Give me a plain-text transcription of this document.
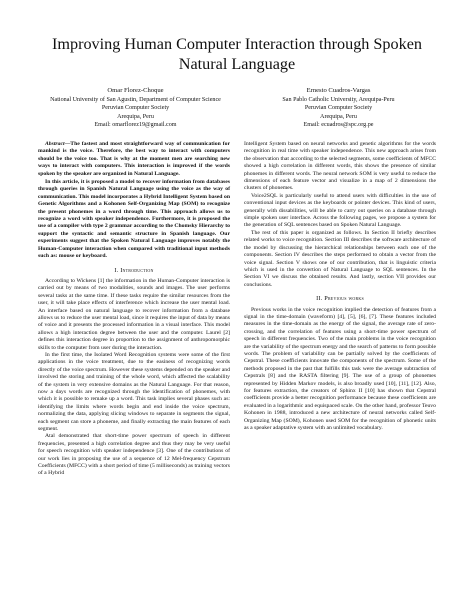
Improving Human Computer Interaction through Spoken Natural Language
Omar Florez-Choque
National University of San Agustin, Department of Computer Science
Peruvian Computer Society
Arequipa, Peru
Email: omarflorez19@gmail.com
Ernesto Cuadros-Vargas
San Pablo Catholic University, Arequipa-Peru
Peruvian Computer Society
Arequipa, Peru
Email: ecuadros@spc.org.pe

Abstract—The fastest and most straightforward way of communication for mankind is the voice. Therefore, the best way to interact with computers should be the voice too. That is why at the moment men are searching new ways to interact with computers. This interaction is improved if the words spoken by the speaker are organized in Natural Language.

In this article, it is proposed a model to recover information from databases through queries in Spanish Natural Language using the voice as the way of communication. This model incorporates a Hybrid Intelligent System based on Genetic Algorithms and a Kohonen Self-Organizing Map (SOM) to recognize the present phonemes in a word through time. This approach allows us to recognize a word with speaker independence. Furthermore, it is proposed the use of a compiler with type 2 grammar according to the Chomsky Hierarchy to support the syntactic and semantic structure in Spanish language. Our experiments suggest that the Spoken Natural Language improves notably the Human-Computer interaction when compared with traditional input methods such as: mouse or keyboard.

I. Introduction

According to Wickens [1] the information in the Human-Computer interaction is carried out by means of two modalities, sounds and images. The user performs several tasks at the same time. If these tasks require the similar resources from the user, it will take place effects of interference which increase the user mental load. An interface based on natural language to recover information from a database allows us to reduce the user mental load, since it requires the input of data by means of voice and it presents the processed information in a visual interface. This model allows a high interaction degree between the user and the computer. Laurel [2] defines this interaction degree in proportion to the assignment of anthropomorphic skills to the computer from user during the interaction.

In the first time, the Isolated Word Recognition systems were some of the first applications in the voice treatment, due to the easiness of recognizing words directly of the voice spectrum. However these systems depended on the speaker and involved the storing and training of the whole word, which affected the scalability of the system in very extensive domains as the Natural Language. For that reason, now a days words are recognized through the identification of phonemes, with which it is possible to remake up a word. This task implies several phases such as: identifying the limits where words begin and end inside the voice spectrum, normalizing the data, applying slicing windows to separate in segments the signal, each segment can store a phoneme, and finally extracting the main features of each segment.

Atal demonstrated that short-time power spectrum of speech in different frequencies, presented a high correlation degree and thus they may be very useful for speech recognition with speaker independence [3]. One of the contributions of our work lies in proposing the use of a sequence of 12 Mel-frequency Cepstrum Coefficients (MFCC) with a short period of time (5 milliseconds) as training vectors of a Hybrid

Intelligent System based on neural networks and genetic algorithms for the words recognition in real time with speaker independence. This new approach arises from the observation that according to the selected segments, some coefficients of MFCC showed a high correlation in different words, this shows the presence of similar phonemes in different words. The neural network SOM is very useful to reduce the dimensions of each feature vector and visualize in a map of 2 dimensions the clusters of phonemes.

Voice2SQL is particularly useful to attend users with difficulties in the use of conventional input devices as the keyboards or pointer devices. This kind of users, generally with dissabilities, will be able to carry out queries on a database through simple spoken user interface. Across the following pages, we propose a system for the generation of SQL sentences based on Spoken Natural Language.

The rest of this paper is organized as follows. In Section II briefly describes related works to voice recognition. Section III describes the software architecture of the model by discussing the hierarchical relationships between each one of the components. Section IV describes the steps performed to obtain a vector from the voice signal. Section V shows one of our contribution, that is linguistic criteria which is used in the convertion of Natural Language to SQL sentences. In the Section VI we discuss the obtained results. And lastly, section VII provides our conclusions.

II. Previous works

Previous works in the voice recognition implied the detection of features from a signal in the time-domain (waveform) [4], [5], [6], [7]. These features included measures in the time-domain as the energy of the signal, the average rate of zero-crossing, and the correlation of features using a short-time power spectrum of speech in different frequencies. Two of the main problems in the voice recognition are the variability of the spectrum energy and the search of patterns to form possible words. The problem of variability can be partially solved by the coefficients of Cepstral. These coefficients innovate the components of the spectrum. Some of the methods proposed in the past that fulfills this task were the average subtraction of Cepstrals [8] and the RASTA filtering [9]. The use of a group of phonemes represented by Hidden Markov models, is also broadly used [10], [11], [12]. Also, for features extraction, the creators of Sphinx II [10] has shown that Cepstral coefficients provide a better recognition performance because these coefficients are evaluated in a logarithmic and equispaced scale. On the other hand, professor Teuvo Kohonen in 1988, introduced a new architecture of neural networks called Self-Organizing Map (SOM), Kohonen used SOM for the recognition of phonetic units as a speaker adaptative system with an unlimited vocabulary.
